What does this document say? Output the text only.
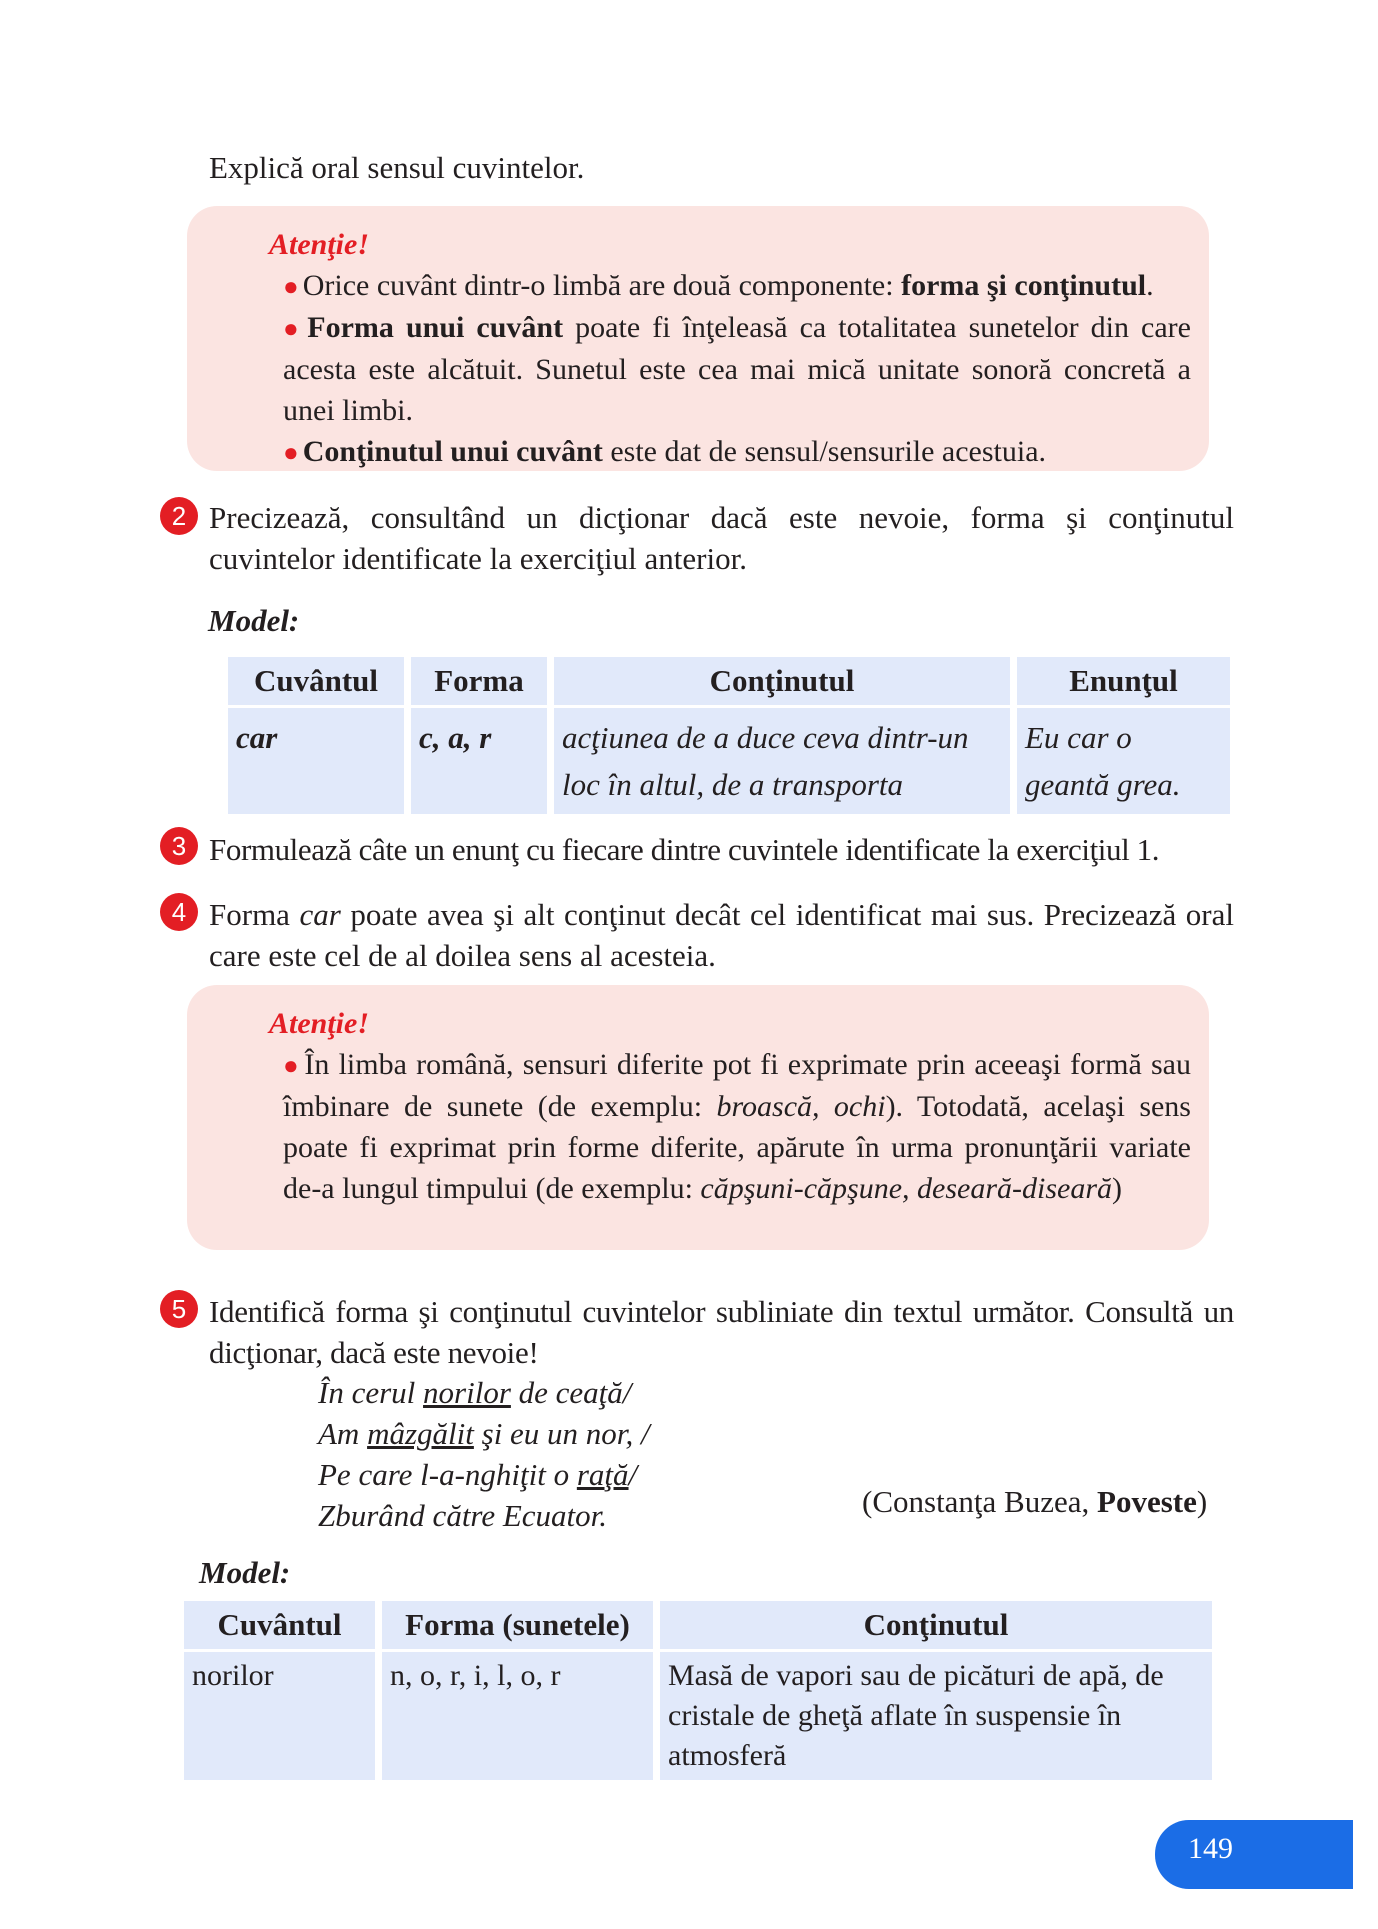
Explică oral sensul cuvintelor.
Atenţie!
● Orice cuvânt dintr-o limbă are două componente: forma şi conţinutul.
● Forma unui cuvânt poate fi înţeleasă ca totalitatea sunetelor din care acesta este alcătuit. Sunetul este cea mai mică unitate sonoră concretă a unei limbi.
● Conţinutul unui cuvânt este dat de sensul/sensurile acestuia.
2 Precizează, consultând un dicţionar dacă este nevoie, forma şi conţinutul cuvintelor identificate la exerciţiul anterior.
Model:
Cuvântul	Forma	Conţinutul	Enunţul
car	c, a, r	acţiunea de a duce ceva dintr-un loc în altul, de a transporta	Eu car o geantă grea.
3 Formulează câte un enunţ cu fiecare dintre cuvintele identificate la exerciţiul 1.
4 Forma car poate avea şi alt conţinut decât cel identificat mai sus. Precizează oral care este cel de al doilea sens al acesteia.
Atenţie!
● În limba română, sensuri diferite pot fi exprimate prin aceeaşi formă sau îmbinare de sunete (de exemplu: broască, ochi). Totodată, acelaşi sens poate fi exprimat prin forme diferite, apărute în urma pronunţării variate de-a lungul timpului (de exemplu: căpşuni-căpşune, deseară-diseară)
5 Identifică forma şi conţinutul cuvintelor subliniate din textul următor. Consultă un dicţionar, dacă este nevoie!
În cerul norilor de ceaţă/
Am mâzgălit şi eu un nor, /
Pe care l-a-nghiţit o raţă/
Zburând către Ecuator.	(Constanţa Buzea, Poveste)
Model:
Cuvântul	Forma (sunetele)	Conţinutul
norilor	n, o, r, i, l, o, r	Masă de vapori sau de picături de apă, de cristale de gheţă aflate în suspensie în atmosferă
149
